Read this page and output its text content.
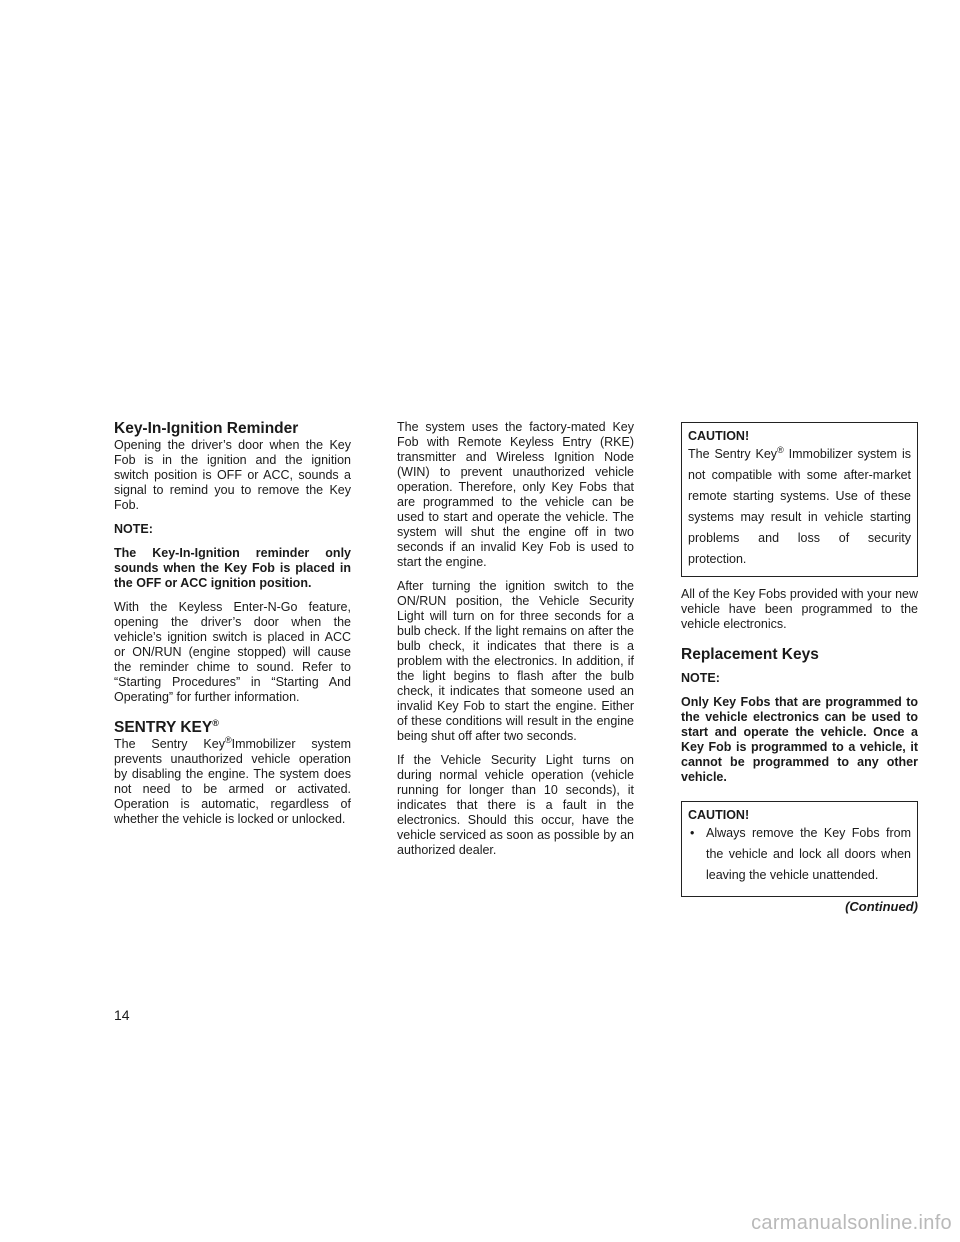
Key-In-Ignition Reminder

Opening the driver’s door when the Key Fob is in the ignition and the ignition switch position is OFF or ACC, sounds a signal to remind you to remove the Key Fob.

NOTE:

The Key-In-Ignition reminder only sounds when the Key Fob is placed in the OFF or ACC ignition position.

With the Keyless Enter-N-Go feature, opening the driver’s door when the vehicle’s ignition switch is placed in ACC or ON/RUN (engine stopped) will cause the reminder chime to sound. Refer to “Starting Procedures” in “Starting And Operating” for further information.

SENTRY KEY®

The Sentry Key®Immobilizer system prevents unauthorized vehicle operation by disabling the engine. The system does not need to be armed or activated. Operation is automatic, regardless of whether the vehicle is locked or unlocked.

The system uses the factory-mated Key Fob with Remote Keyless Entry (RKE) transmitter and Wireless Ignition Node (WIN) to prevent unauthorized vehicle operation. Therefore, only Key Fobs that are programmed to the vehicle can be used to start and operate the vehicle. The system will shut the engine off in two seconds if an invalid Key Fob is used to start the engine.

After turning the ignition switch to the ON/RUN position, the Vehicle Security Light will turn on for three seconds for a bulb check. If the light remains on after the bulb check, it indicates that there is a problem with the electronics. In addition, if the light begins to flash after the bulb check, it indicates that someone used an invalid Key Fob to start the engine. Either of these conditions will result in the engine being shut off after two seconds.

If the Vehicle Security Light turns on during normal vehicle operation (vehicle running for longer than 10 seconds), it indicates that there is a fault in the electronics. Should this occur, have the vehicle serviced as soon as possible by an authorized dealer.

CAUTION!

The Sentry Key® Immobilizer system is not compatible with some after-market remote starting systems. Use of these systems may result in vehicle starting problems and loss of security protection.

All of the Key Fobs provided with your new vehicle have been programmed to the vehicle electronics.

Replacement Keys

NOTE:

Only Key Fobs that are programmed to the vehicle electronics can be used to start and operate the vehicle. Once a Key Fob is programmed to a vehicle, it cannot be programmed to any other vehicle.

CAUTION!
• Always remove the Key Fobs from the vehicle and lock all doors when leaving the vehicle unattended.
(Continued)
14
carmanualsonline.info
